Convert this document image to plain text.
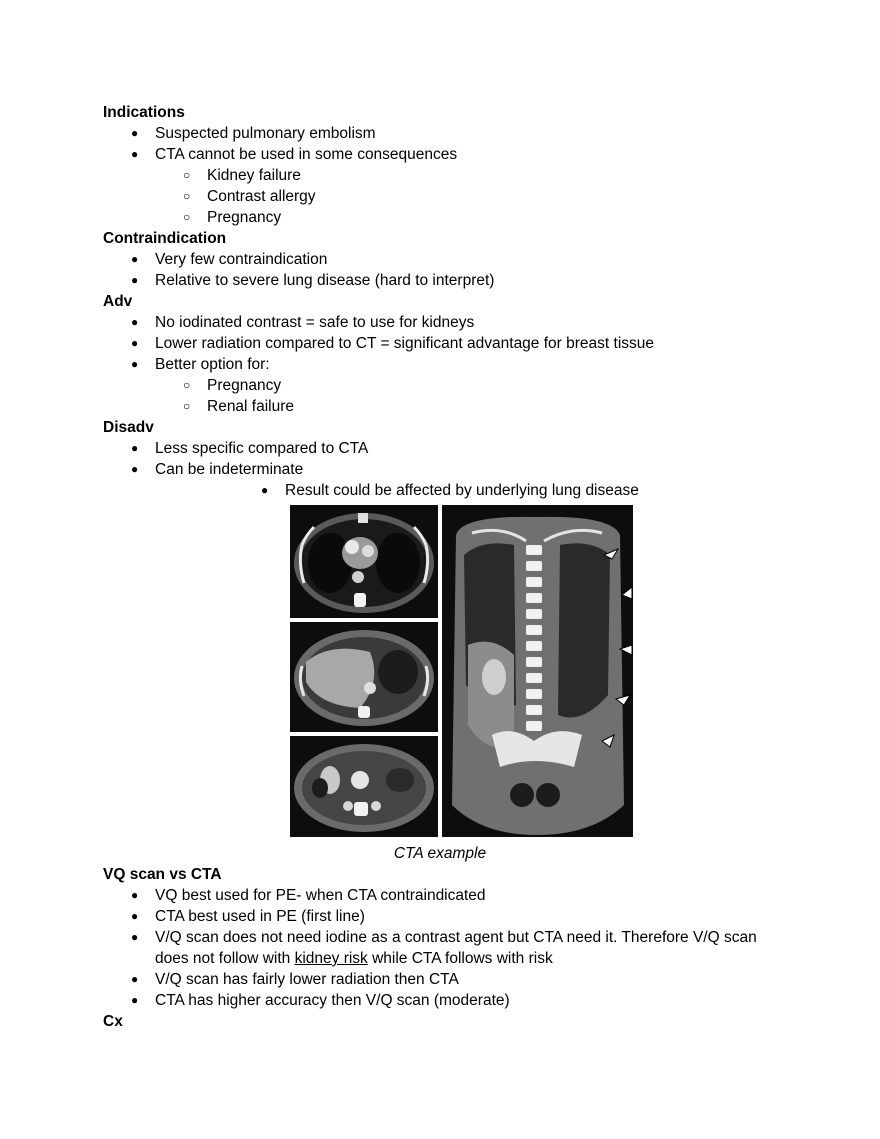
Indications
● Suspected pulmonary embolism
● CTA cannot be used in some consequences
○ Kidney failure
○ Contrast allergy
○ Pregnancy
Contraindication
● Very few contraindication
● Relative to severe lung disease (hard to interpret)
Adv
● No iodinated contrast = safe to use for kidneys
● Lower radiation compared to CT = significant advantage for breast tissue
● Better option for:
○ Pregnancy
○ Renal failure
Disadv
● Less specific compared to CTA
● Can be indeterminate
● Result could be affected by underlying lung disease
CTA example
VQ scan vs CTA
● VQ best used for PE- when CTA contraindicated
● CTA best used in PE (first line)
● V/Q scan does not need iodine as a contrast agent but CTA need it. Therefore V/Q scan
does not follow with kidney risk while CTA follows with risk
● V/Q scan has fairly lower radiation then CTA
● CTA has higher accuracy then V/Q scan (moderate)
Cx
